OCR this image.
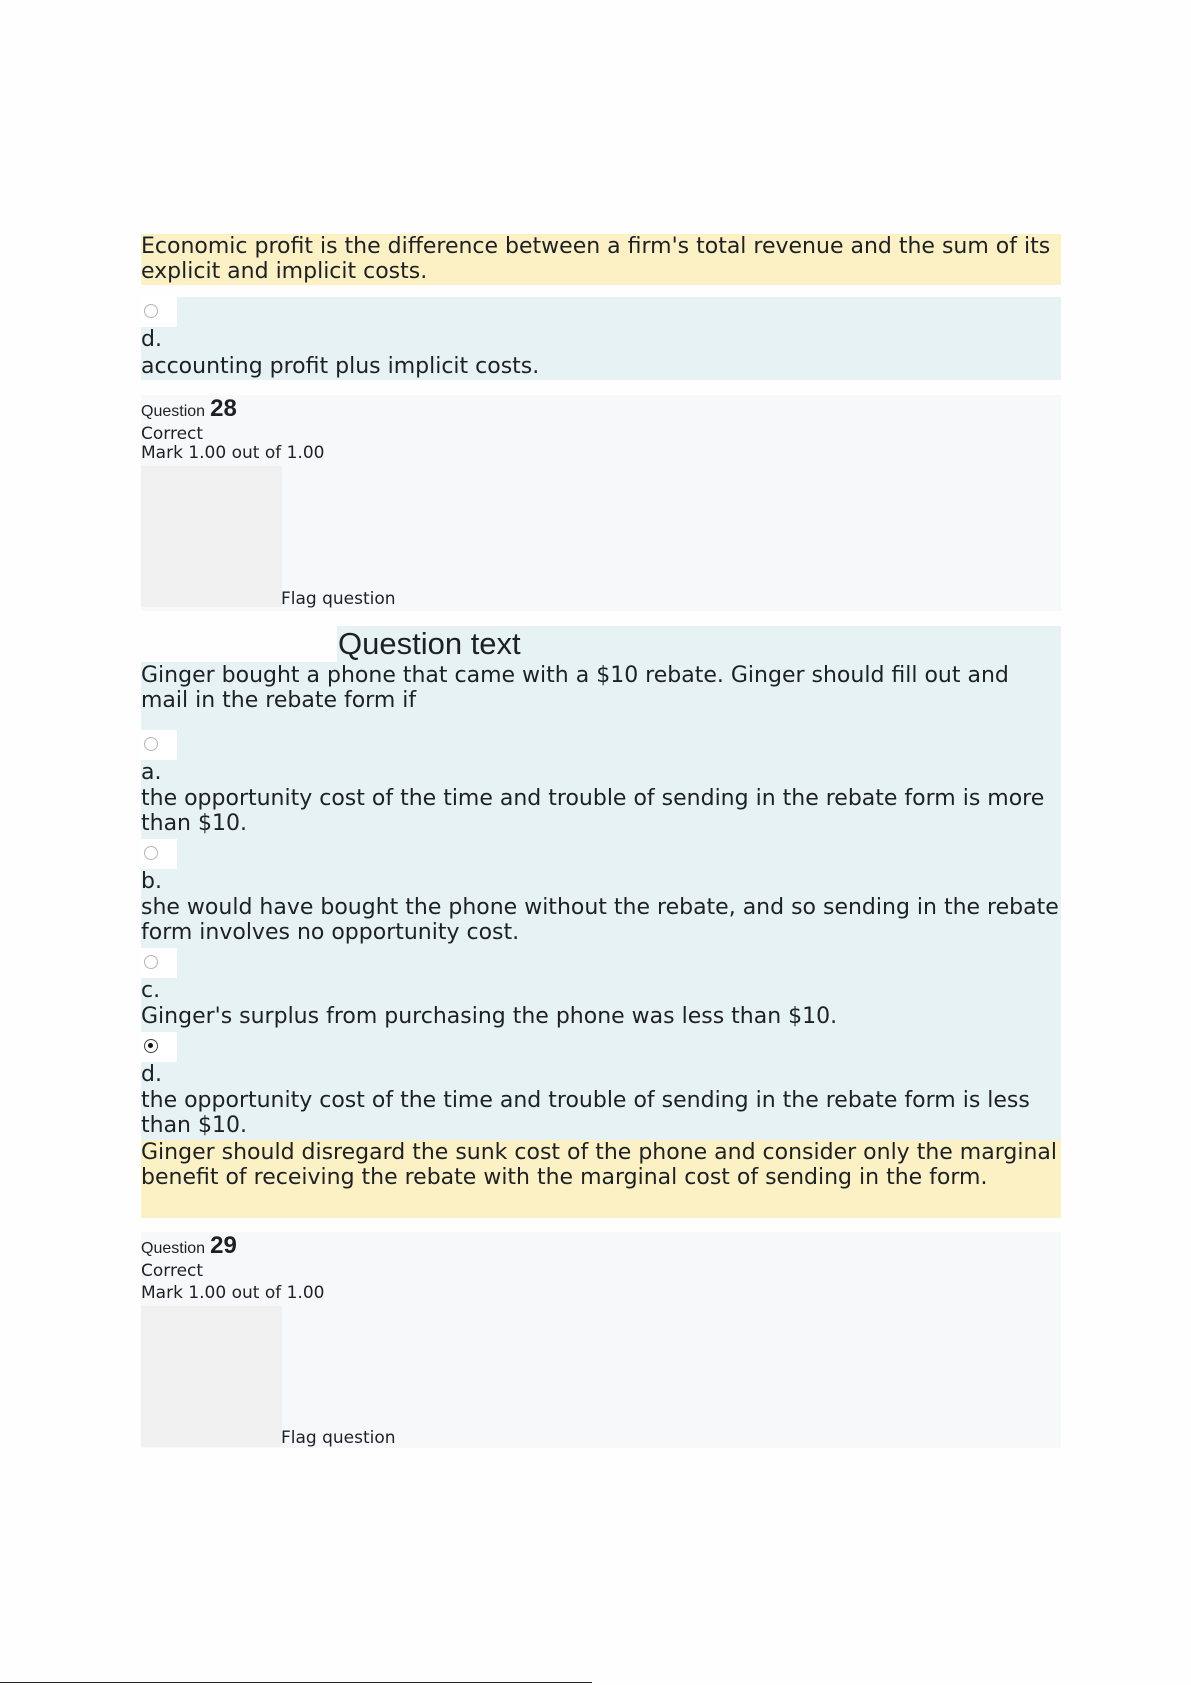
Economic profit is the difference between a firm's total revenue and the sum of its explicit and implicit costs.
d.
accounting profit plus implicit costs.
Question 28
Correct
Mark 1.00 out of 1.00
Flag question
Question text
Ginger bought a phone that came with a $10 rebate. Ginger should fill out and mail in the rebate form if
a.
the opportunity cost of the time and trouble of sending in the rebate form is more than $10.
b.
she would have bought the phone without the rebate, and so sending in the rebate form involves no opportunity cost.
c.
Ginger's surplus from purchasing the phone was less than $10.
d.
the opportunity cost of the time and trouble of sending in the rebate form is less than $10.
Ginger should disregard the sunk cost of the phone and consider only the marginal benefit of receiving the rebate with the marginal cost of sending in the form.
Question 29
Correct
Mark 1.00 out of 1.00
Flag question
